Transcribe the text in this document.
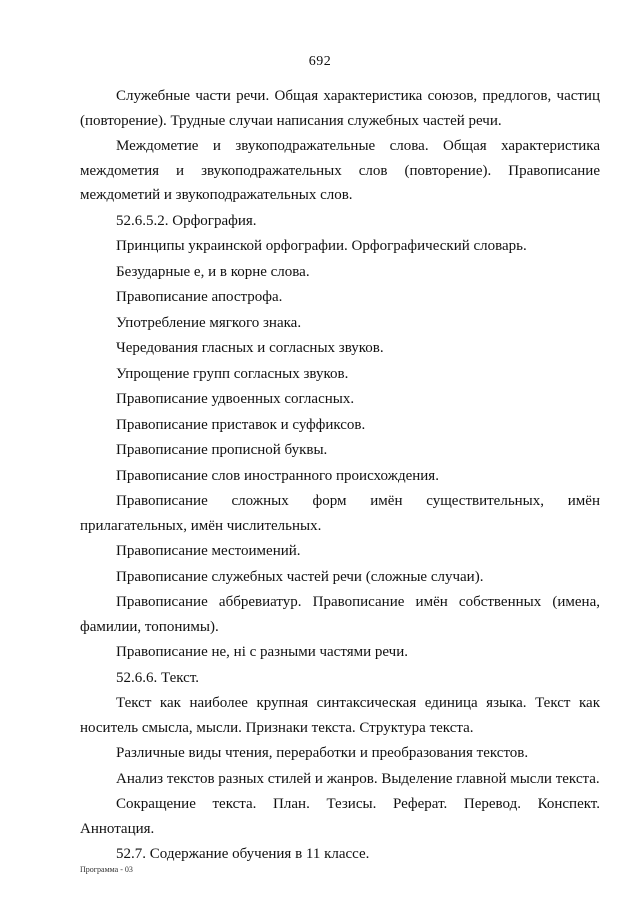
692

Служебные части речи. Общая характеристика союзов, предлогов, частиц (повторение). Трудные случаи написания служебных частей речи.

Междометие и звукоподражательные слова. Общая характеристика междометия и звукоподражательных слов (повторение). Правописание междометий и звукоподражательных слов.

52.6.5.2. Орфография.

Принципы украинской орфографии. Орфографический словарь.

Безударные е, и в корне слова.

Правописание апострофа.

Употребление мягкого знака.

Чередования гласных и согласных звуков.

Упрощение групп согласных звуков.

Правописание удвоенных согласных.

Правописание приставок и суффиксов.

Правописание прописной буквы.

Правописание слов иностранного происхождения.

Правописание сложных форм имён существительных, имён прилагательных, имён числительных.

Правописание местоимений.

Правописание служебных частей речи (сложные случаи).

Правописание аббревиатур. Правописание имён собственных (имена, фамилии, топонимы).

Правописание не, ні с разными частями речи.

52.6.6. Текст.

Текст как наиболее крупная синтаксическая единица языка. Текст как носитель смысла, мысли. Признаки текста. Структура текста.

Различные виды чтения, переработки и преобразования текстов.

Анализ текстов разных стилей и жанров. Выделение главной мысли текста.

Сокращение текста. План. Тезисы. Реферат. Перевод. Конспект. Аннотация.

52.7. Содержание обучения в 11 классе.

Программа - 03
